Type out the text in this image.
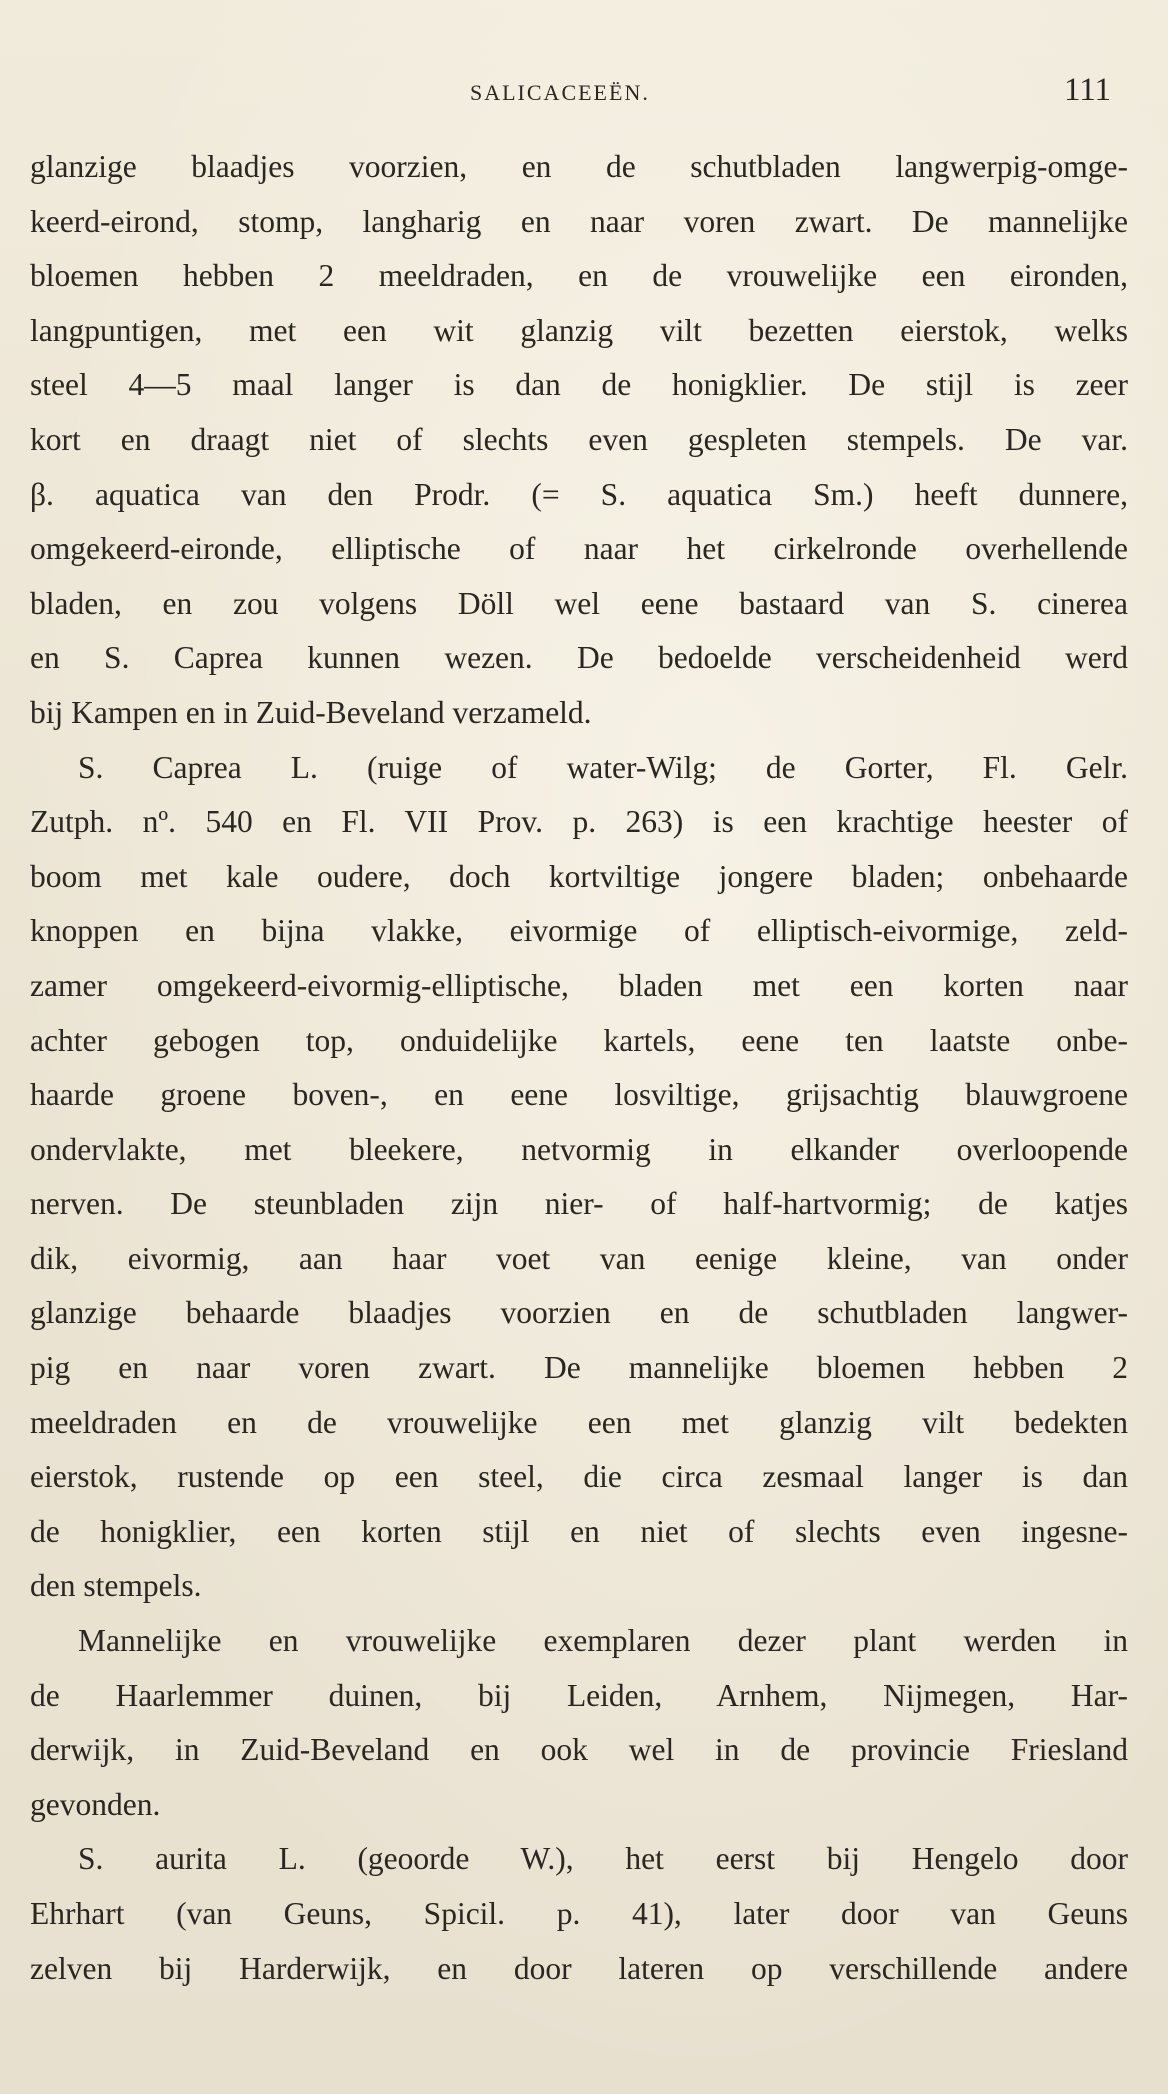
SALICACEEËN.	111
glanzige blaadjes voorzien, en de schutbladen langwerpig-omge-
keerd-eirond, stomp, langharig en naar voren zwart. De mannelijke
bloemen hebben 2 meeldraden, en de vrouwelijke een eironden,
langpuntigen, met een wit glanzig vilt bezetten eierstok, welks
steel 4—5 maal langer is dan de honigklier. De stijl is zeer
kort en draagt niet of slechts even gespleten stempels. De var.
β. aquatica van den Prodr. (= S. aquatica Sm.) heeft dunnere,
omgekeerd-eironde, elliptische of naar het cirkelronde overhellende
bladen, en zou volgens Döll wel eene bastaard van S. cinerea
en S. Caprea kunnen wezen. De bedoelde verscheidenheid werd
bij Kampen en in Zuid-Beveland verzameld.
S. Caprea L. (ruige of water-Wilg; de Gorter, Fl. Gelr.
Zutph. nº. 540 en Fl. VII Prov. p. 263) is een krachtige heester of
boom met kale oudere, doch kortviltige jongere bladen; onbehaarde
knoppen en bijna vlakke, eivormige of elliptisch-eivormige, zeld-
zamer omgekeerd-eivormig-elliptische, bladen met een korten naar
achter gebogen top, onduidelijke kartels, eene ten laatste onbe-
haarde groene boven-, en eene losviltige, grijsachtig blauwgroene
ondervlakte, met bleekere, netvormig in elkander overloopende
nerven. De steunbladen zijn nier- of half-hartvormig; de katjes
dik, eivormig, aan haar voet van eenige kleine, van onder
glanzige behaarde blaadjes voorzien en de schutbladen langwer-
pig en naar voren zwart. De mannelijke bloemen hebben 2
meeldraden en de vrouwelijke een met glanzig vilt bedekten
eierstok, rustende op een steel, die circa zesmaal langer is dan
de honigklier, een korten stijl en niet of slechts even ingesne-
den stempels.
Mannelijke en vrouwelijke exemplaren dezer plant werden in
de Haarlemmer duinen, bij Leiden, Arnhem, Nijmegen, Har-
derwijk, in Zuid-Beveland en ook wel in de provincie Friesland
gevonden.
S. aurita L. (geoorde W.), het eerst bij Hengelo door
Ehrhart (van Geuns, Spicil. p. 41), later door van Geuns
zelven bij Harderwijk, en door lateren op verschillende andere
